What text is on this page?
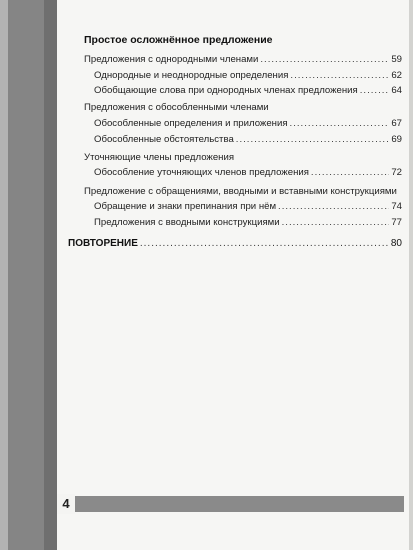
Простое осложнённое предложение
Предложения с однородными членами .....	59
Однородные и неоднородные определения .....	62
Обобщающие слова при однородных членах предложения .....	64
Предложения с обособленными членами
Обособленные определения и приложения .....	67
Обособленные обстоятельства .....	69
Уточняющие члены предложения
Обособление уточняющих членов предложения .....	72
Предложение с обращениями, вводными и вставными конструкциями
Обращение и знаки препинания при нём .....	74
Предложения с вводными конструкциями .....	77
ПОВТОРЕНИЕ .....	80
4
